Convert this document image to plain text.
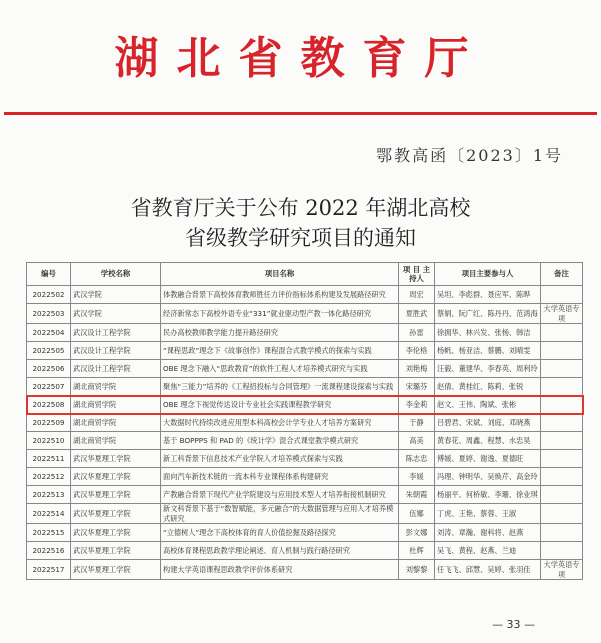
湖北省教育厅
鄂教高函〔2023〕1号
省教育厅关于公布 2022 年湖北高校
省级教学研究项目的通知
编号	学校名称	项目名称	项 目 主持人	项目主要参与人	备注
2022502	武汉学院	体教融合背景下高校体育教师胜任力评价指标体系构建及发展路径研究	周宏	吴坦、李彪群、聂应军、陈晔	
2022503	武汉学院	经济新常态下高校外语专业“331”就业驱动型产教一体化路径研究	夏胜武	蔡娟、阮广红、陈丹丹、范鸿海	大学英语专项
2022504	武汉设计工程学院	民办高校教师教学能力提升路径研究	孙雷	徐拥华、林兴发、张杨、韩洁	
2022505	武汉设计工程学院	“课程思政”理念下《故事创作》课程混合式教学模式的探索与实践	李伦格	杨帆、杨亚洁、蔡鹏、刘晴雯	
2022506	武汉设计工程学院	OBE 理念下融入“思政教育”的软件工程人才培养模式研究与实践	刘艳梅	汪毅、董建华、李春英、周利玲	
2022507	湖北商贸学院	聚焦“三能力”培养的《工程招投标与合同管理》一流课程建设探索与实践	宋璐芬	赵倩、黄桂红、陈莉、张锐	
2022508	湖北商贸学院	OBE 理念下视觉传达设计专业社会实践课程教学研究	李金莉	赵文、王伟、陶斌、张彬	
2022509	湖北商贸学院	大数据时代持续改进应用型本科高校会计学专业人才培养方案研究	于静	吕碧君、宋斌、刘庭、邓晓燕	
2022510	湖北商贸学院	基于 BOPPPS 和 PAD 的《统计学》混合式课堂教学模式研究	高美	黄春花、周鑫、程慧、水忠昊	
2022511	武汉华夏理工学院	新工科背景下信息技术产业学院人才培养模式探索与实践	陈志忠	傅媛、夏婷、谢逸、夏德旺	
2022512	武汉华夏理工学院	面向汽车新技术链的一流本科专业课程体系构建研究	李媛	冯理、钟明华、吴焕芹、高金玲	
2022513	武汉华夏理工学院	产教融合背景下现代产业学院建设与应用技术型人才培养衔接机制研究	朱朝霞	杨丽平、何桥敏、李珊、徐业琪	
2022514	武汉华夏理工学院	新文科背景下基于“数智赋能，多元融合”的大数据管理与应用人才培养模式研究	伍娜	丁虎、王艳、蔡蓉、王淑	
2022515	武汉华夏理工学院	“立德树人”理念下高校体育的育人价值挖掘及路径探究	彭文娜	刘涛、章瀚、谢科将、赵燕	
2022516	武汉华夏理工学院	高校体育课程思政教学理论阐述、育人机制与践行路径研究	杜辉	吴飞、黄程、赵燕、兰迪	
2022517	武汉华夏理工学院	构建大学英语课程思政教学评价体系研究	刘黎黎	任飞飞、邱慧、吴婷、张羽佳	大学英语专项
— 33 —
